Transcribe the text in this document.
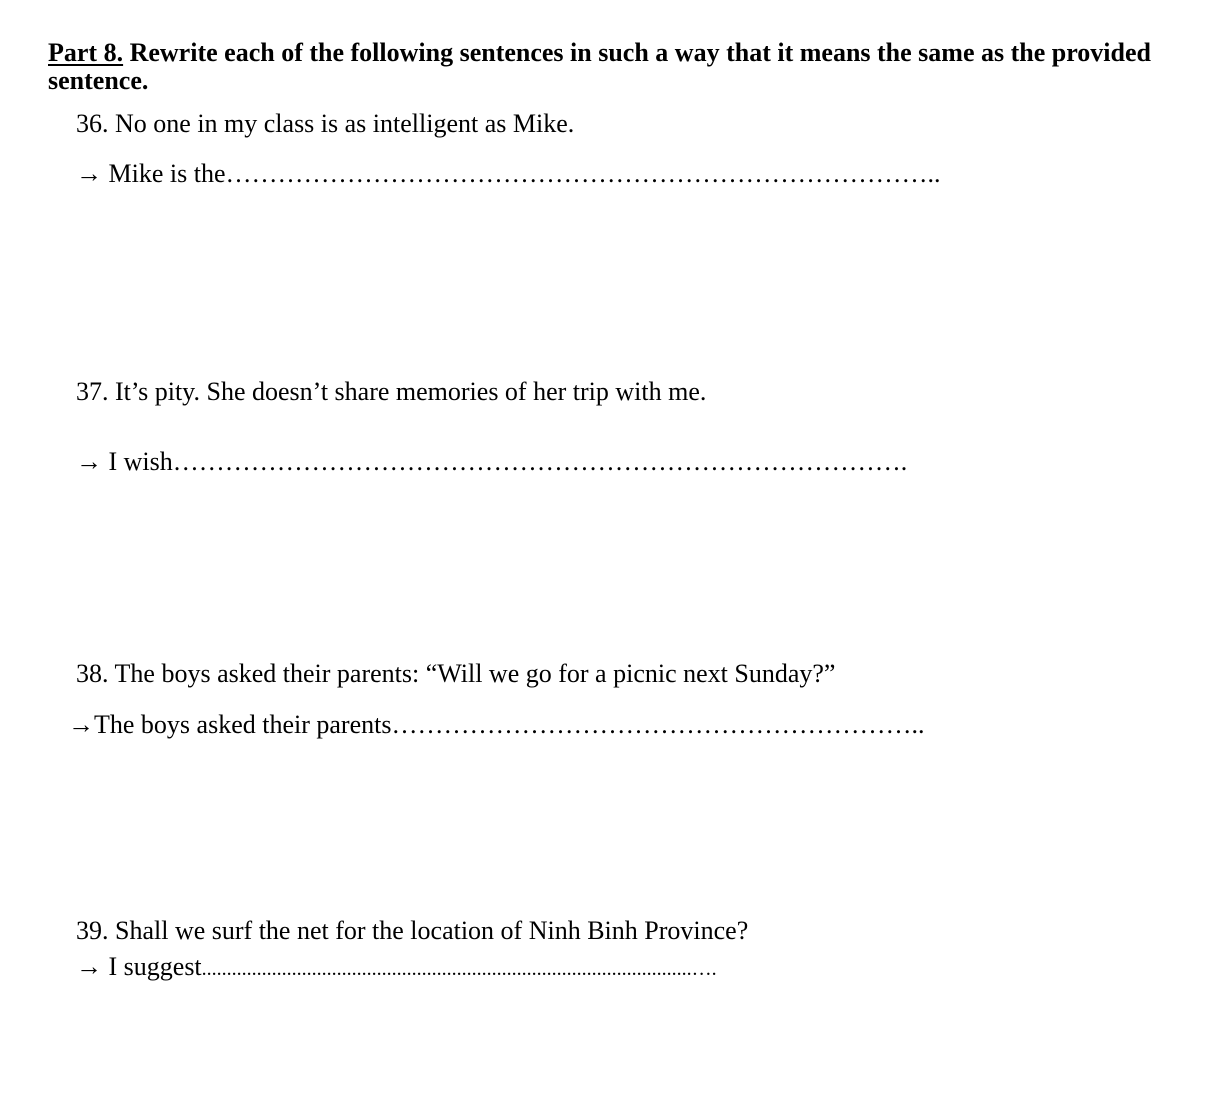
Part 8. Rewrite each of the following sentences in such a way that it means the same as the provided sentence.

36. No one in my class is as intelligent as Mike.

→ Mike is the………………………………………………………………………..

37. It’s pity. She doesn’t share memories of her trip with me.

→ I wish………………………………………………………………………….

38. The boys asked their parents: “Will we go for a picnic next Sunday?”

→The boys asked their parents……………………………………………………..

39. Shall we surf the net for the location of Ninh Binh Province?

→ I suggest..................................................................................................….
